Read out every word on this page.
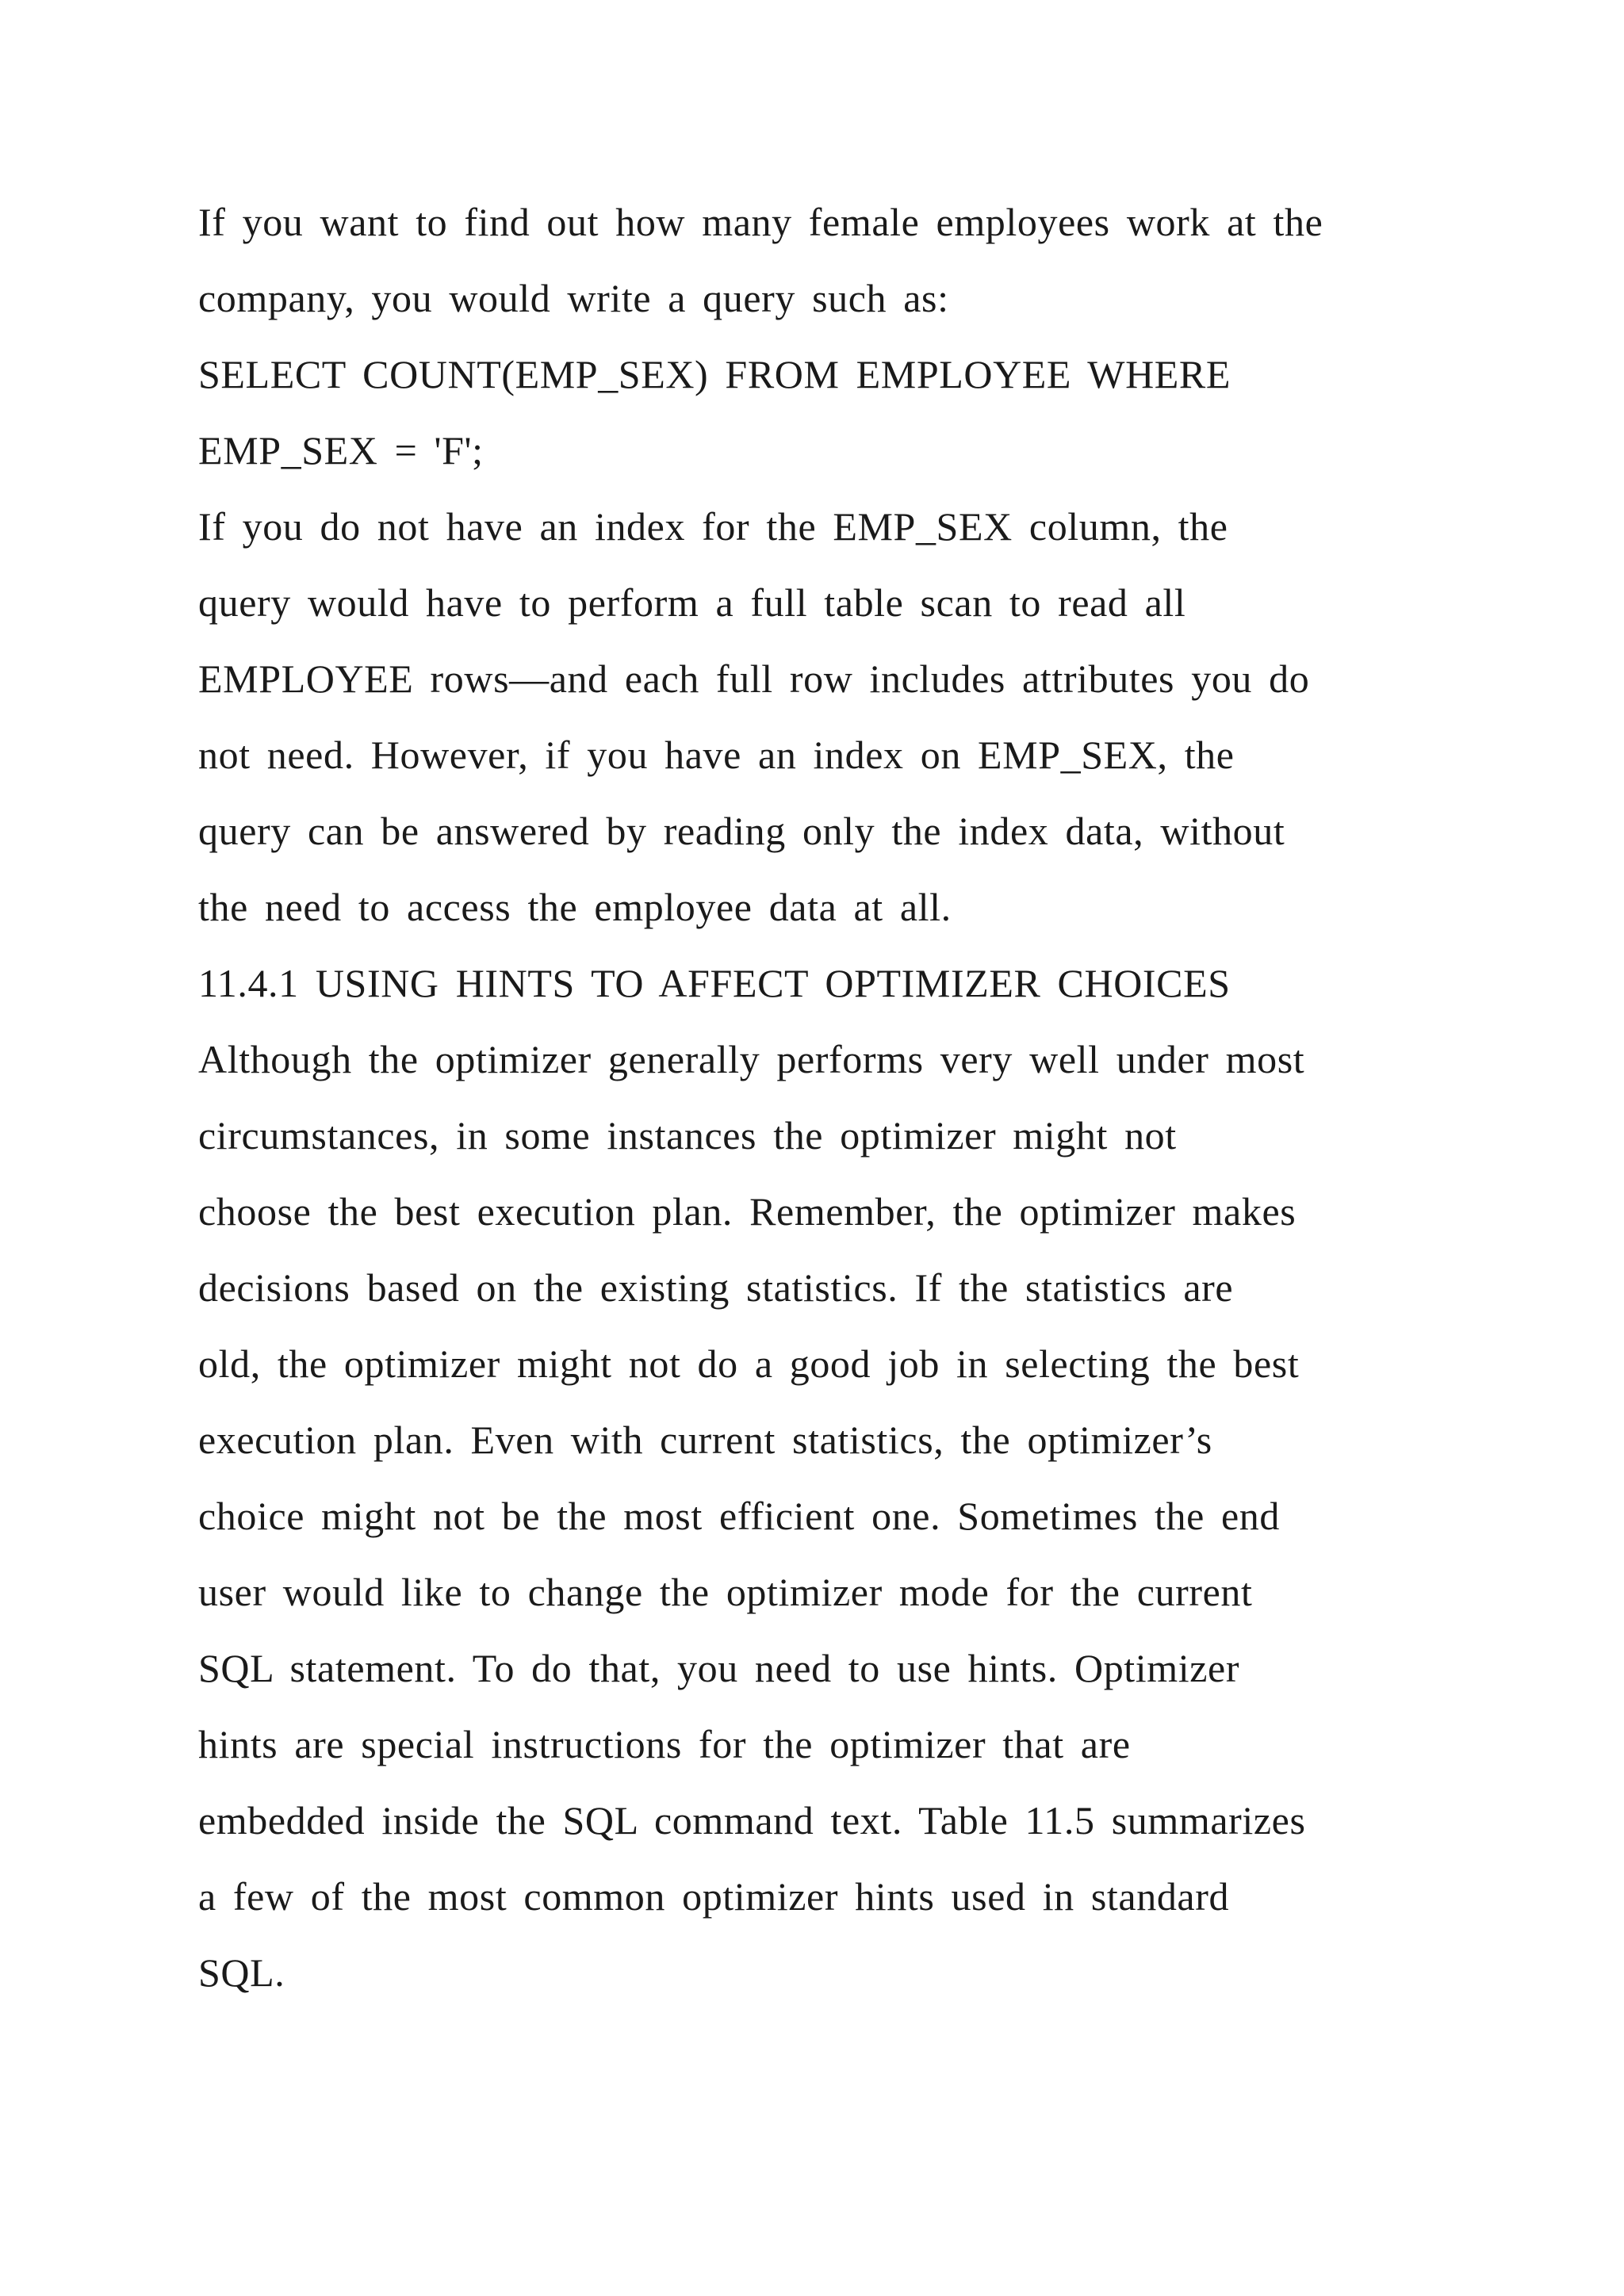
If you want to find out how many female employees work at the
company, you would write a query such as:
SELECT COUNT(EMP_SEX) FROM EMPLOYEE WHERE
EMP_SEX = 'F';
If you do not have an index for the EMP_SEX column, the
query would have to perform a full table scan to read all
EMPLOYEE rows—and each full row includes attributes you do
not need. However, if you have an index on EMP_SEX, the
query can be answered by reading only the index data, without
the need to access the employee data at all.
11.4.1 USING HINTS TO AFFECT OPTIMIZER CHOICES
Although the optimizer generally performs very well under most
circumstances, in some instances the optimizer might not
choose the best execution plan. Remember, the optimizer makes
decisions based on the existing statistics. If the statistics are
old, the optimizer might not do a good job in selecting the best
execution plan. Even with current statistics, the optimizer’s
choice might not be the most efficient one. Sometimes the end
user would like to change the optimizer mode for the current
SQL statement. To do that, you need to use hints. Optimizer
hints are special instructions for the optimizer that are
embedded inside the SQL command text. Table 11.5 summarizes
a few of the most common optimizer hints used in standard
SQL.
